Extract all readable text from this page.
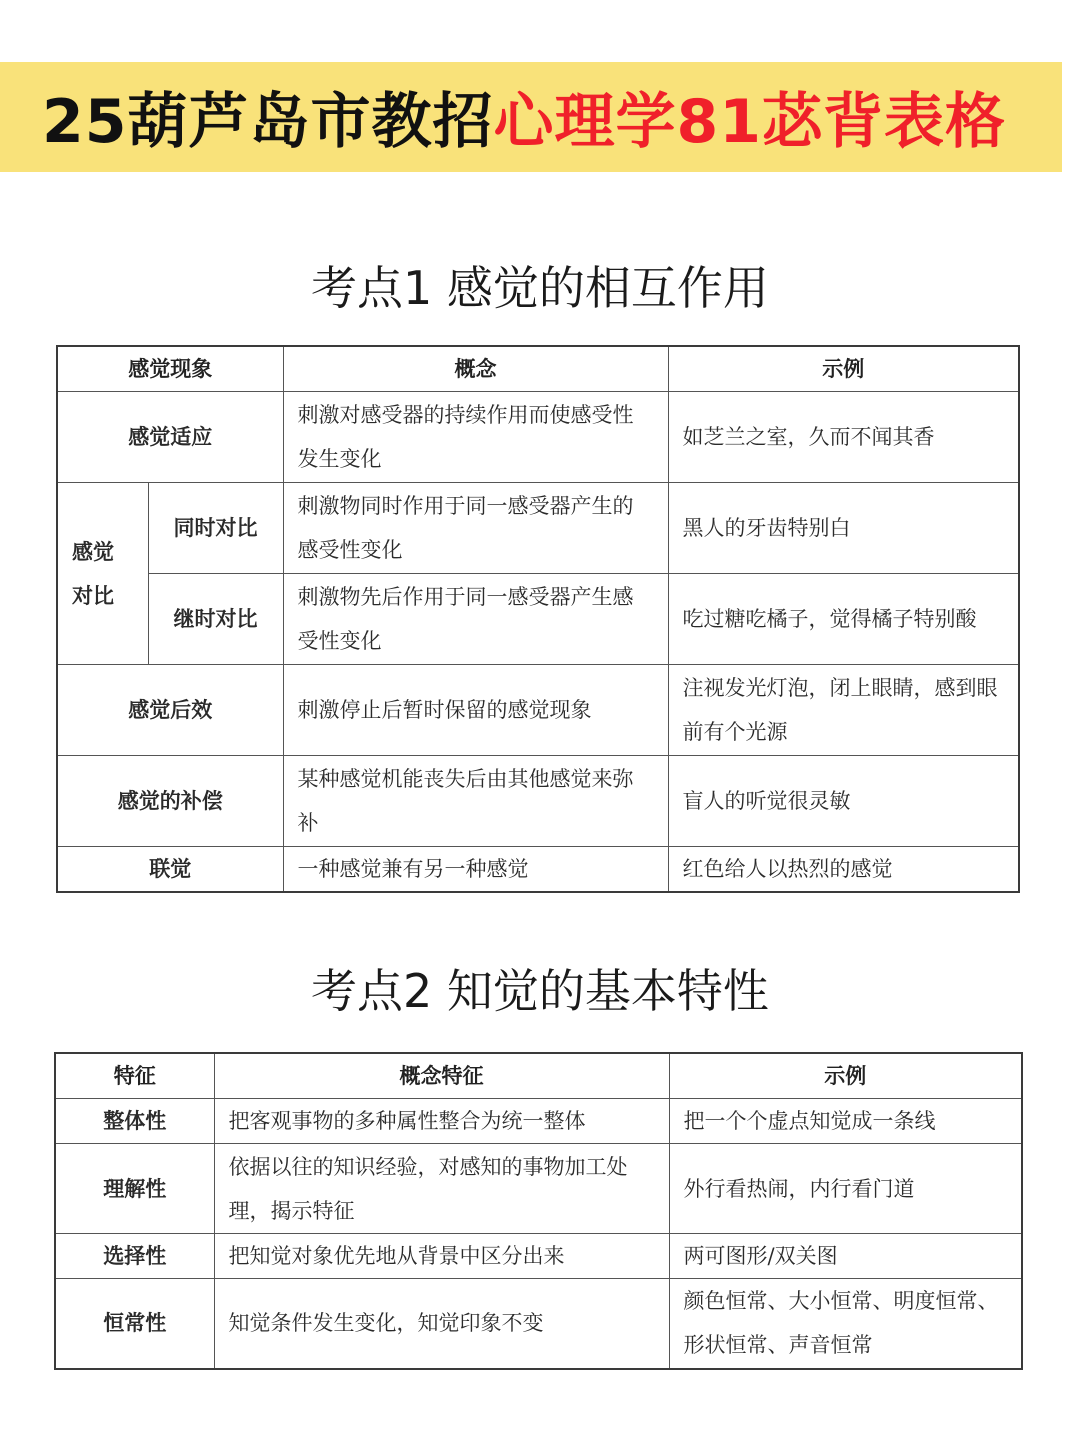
25葫芦岛市教招心理学81苾背表格
考点1 感觉的相互作用
感觉现象		概念	示例
感觉适应		刺激对感受器的持续作用而使感受性发生变化	如芝兰之室，久而不闻其香
感觉对比	同时对比	刺激物同时作用于同一感受器产生的感受性变化	黑人的牙齿特别白
	继时对比	刺激物先后作用于同一感受器产生感受性变化	吃过糖吃橘子，觉得橘子特别酸
感觉后效		刺激停止后暂时保留的感觉现象	注视发光灯泡，闭上眼睛，感到眼前有个光源
感觉的补偿		某种感觉机能丧失后由其他感觉来弥补	盲人的听觉很灵敏
联觉		一种感觉兼有另一种感觉	红色给人以热烈的感觉
考点2 知觉的基本特性
特征	概念特征	示例
整体性	把客观事物的多种属性整合为统一整体	把一个个虚点知觉成一条线
理解性	依据以往的知识经验，对感知的事物加工处理，揭示特征	外行看热闹，内行看门道
选择性	把知觉对象优先地从背景中区分出来	两可图形/双关图
恒常性	知觉条件发生变化，知觉印象不变	颜色恒常、大小恒常、明度恒常、形状恒常、声音恒常
